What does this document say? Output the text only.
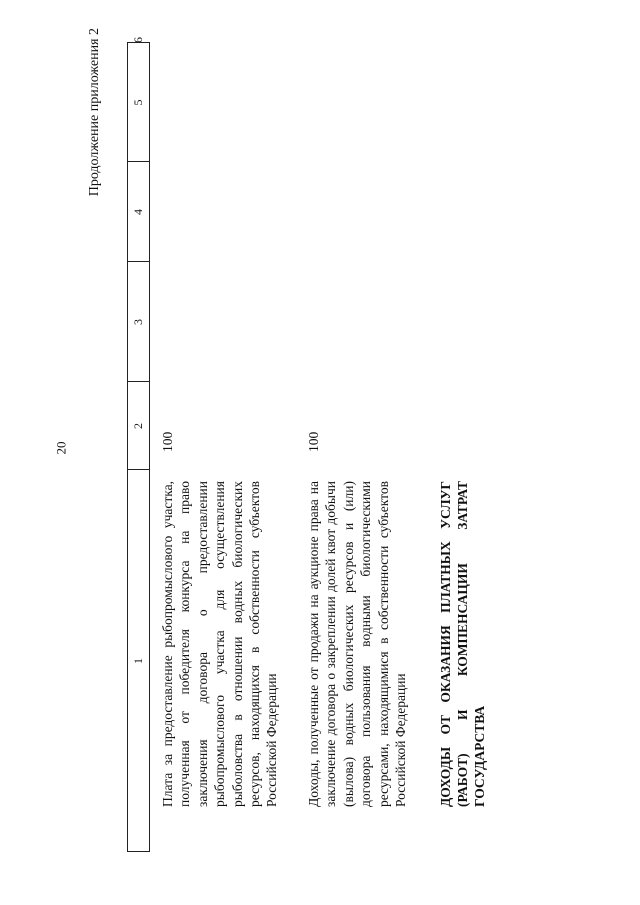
20
Продолжение приложения 2
1
2
3
4
5
6
Плата за предоставление рыбопромыслового участка, полученная от победителя конкурса на право заключения договора о предоставлении рыбопромыслового участка для осуществления рыболовства в отношении водных биологических ресурсов, находящихся в собственности субъектов Российской Федерации
100
Доходы, полученные от продажи на аукционе права на заключение договора о закреплении долей квот добычи (вылова) водных биологических ресурсов и (или) договора пользования водными биологическими ресурсами, находящимися в собственности субъектов Российской Федерации
100
ДОХОДЫ ОТ ОКАЗАНИЯ ПЛАТНЫХ УСЛУГ (РАБОТ) И КОМПЕНСАЦИИ ЗАТРАТ ГОСУДАРСТВА
